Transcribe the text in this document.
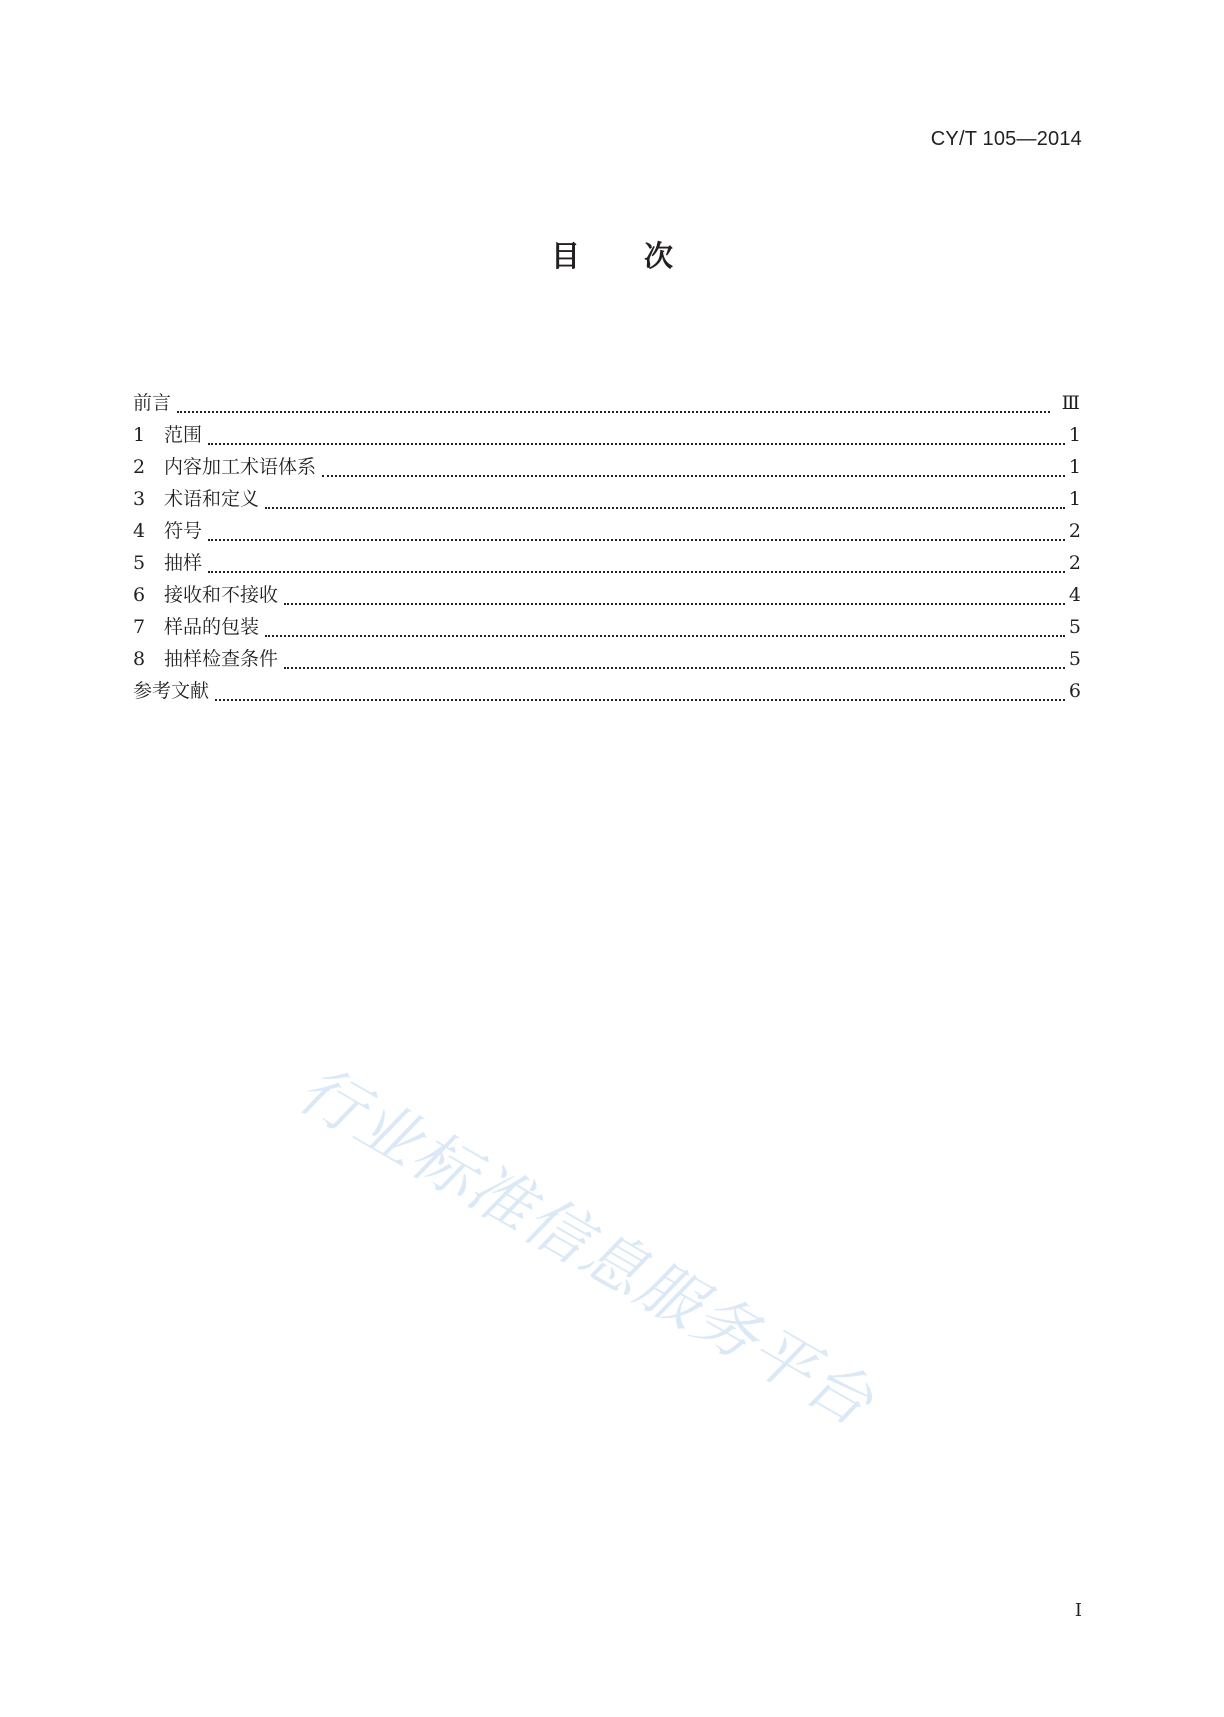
CY/T 105—2014
目次
前言	Ⅲ
1 范围	1
2 内容加工术语体系	1
3 术语和定义	1
4 符号	2
5 抽样	2
6 接收和不接收	4
7 样品的包装	5
8 抽样检查条件	5
参考文献	6
行业标准信息服务平台
I
